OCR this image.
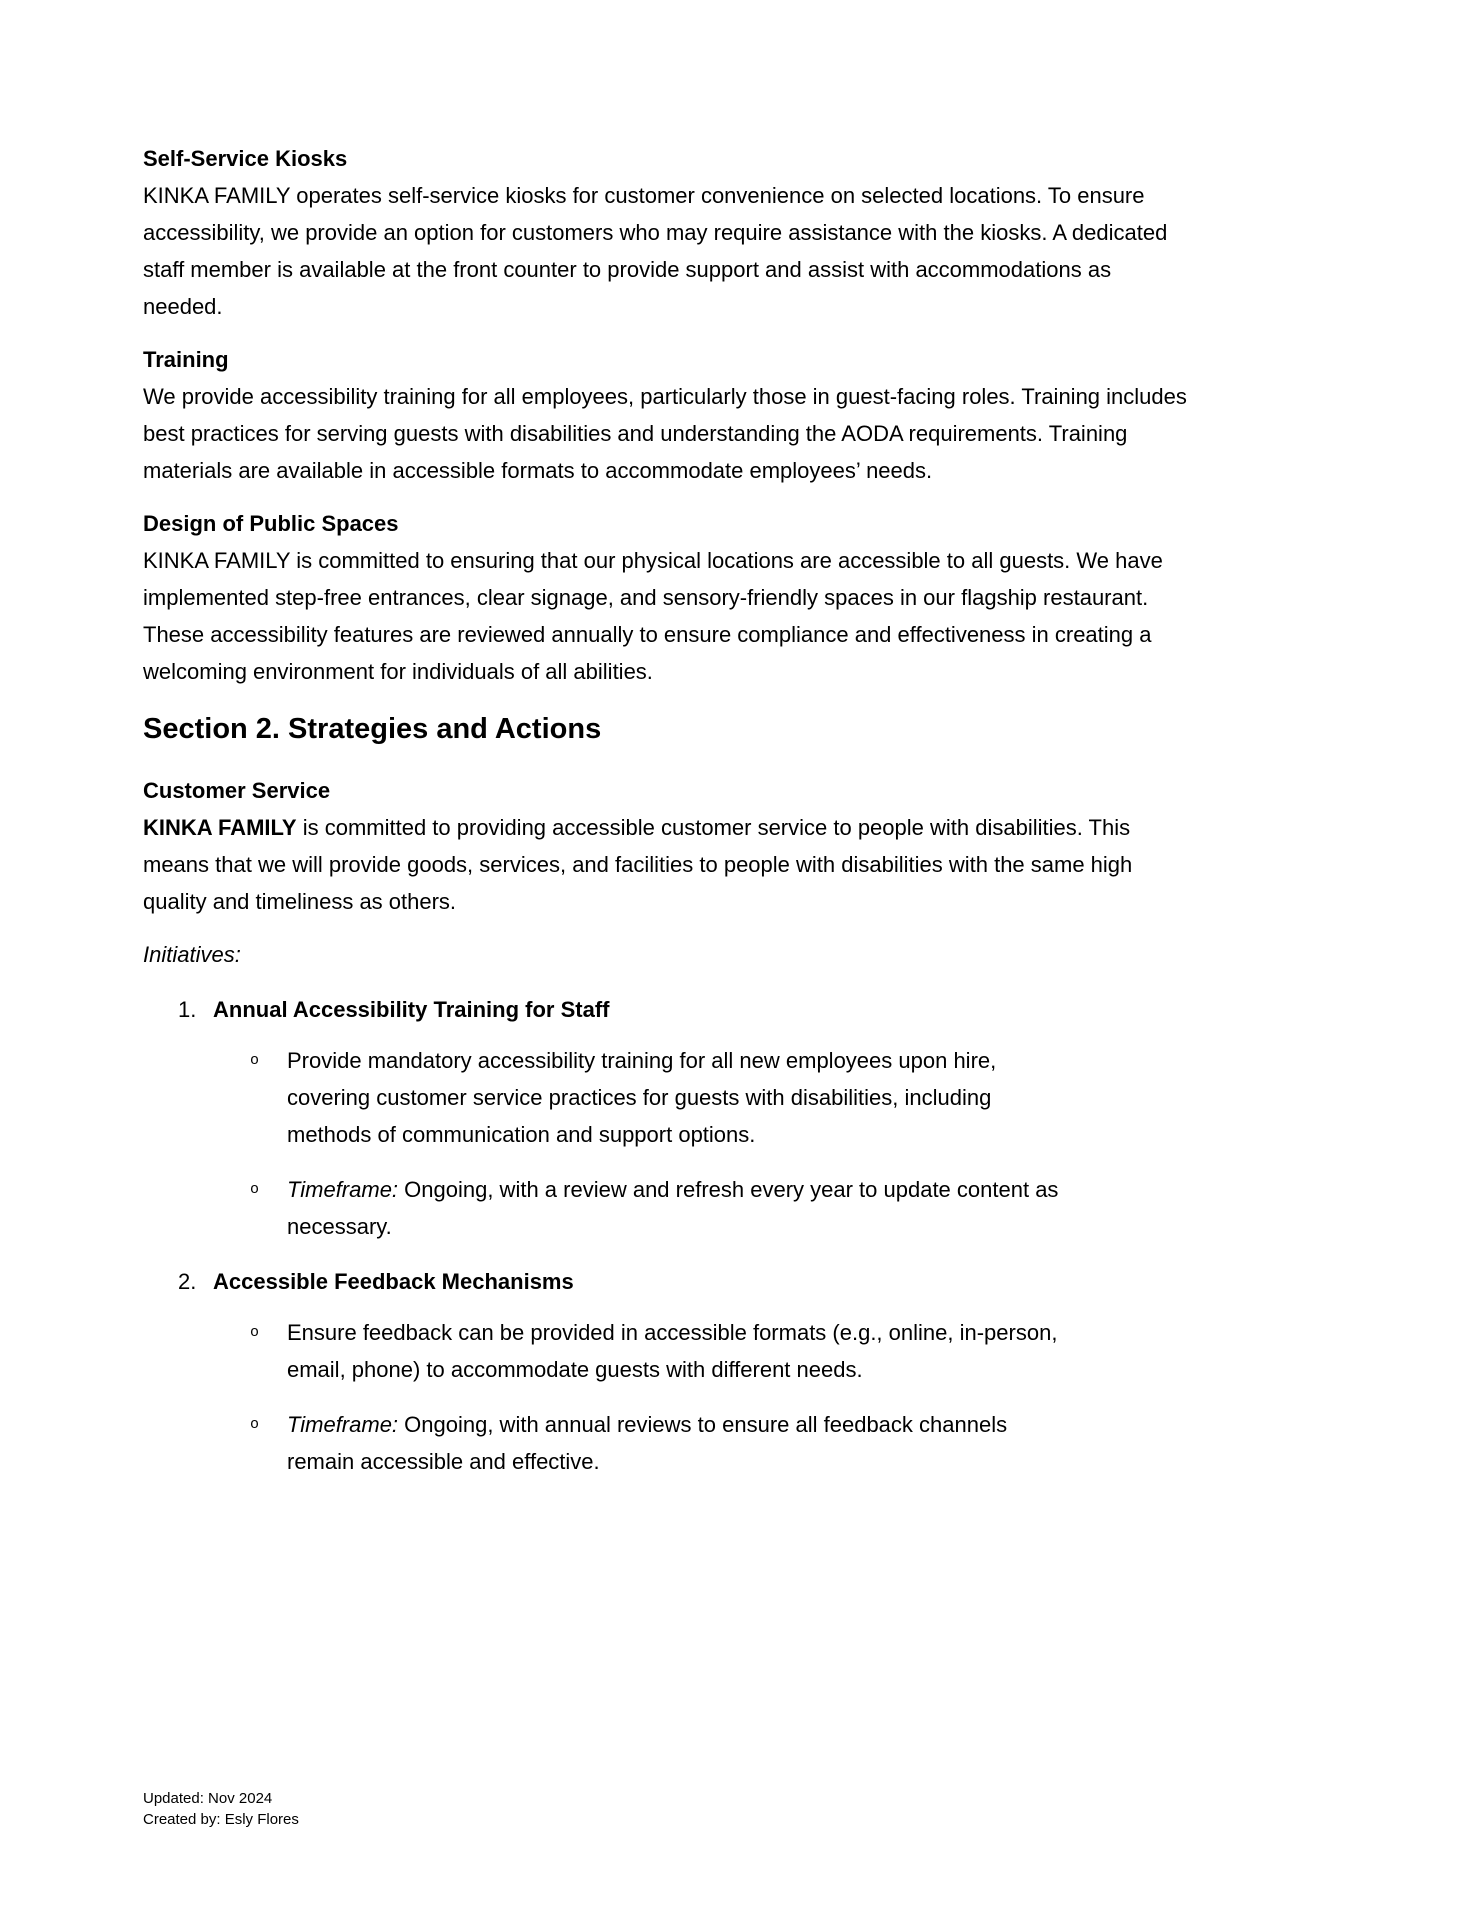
Self-Service Kiosks

KINKA FAMILY operates self-service kiosks for customer convenience on selected locations. To ensure accessibility, we provide an option for customers who may require assistance with the kiosks. A dedicated staff member is available at the front counter to provide support and assist with accommodations as needed.

Training

We provide accessibility training for all employees, particularly those in guest-facing roles. Training includes best practices for serving guests with disabilities and understanding the AODA requirements. Training materials are available in accessible formats to accommodate employees’ needs.

Design of Public Spaces

KINKA FAMILY is committed to ensuring that our physical locations are accessible to all guests. We have implemented step-free entrances, clear signage, and sensory-friendly spaces in our flagship restaurant. These accessibility features are reviewed annually to ensure compliance and effectiveness in creating a welcoming environment for individuals of all abilities.

Section 2. Strategies and Actions
Customer Service

KINKA FAMILY is committed to providing accessible customer service to people with disabilities. This means that we will provide goods, services, and facilities to people with disabilities with the same high quality and timeliness as others.

Initiatives:

1. Annual Accessibility Training for Staff
o	Provide mandatory accessibility training for all new employees upon hire, covering customer service practices for guests with disabilities, including methods of communication and support options.

o	Timeframe: Ongoing, with a review and refresh every year to update content as necessary.

2. Accessible Feedback Mechanisms
o	Ensure feedback can be provided in accessible formats (e.g., online, in-person, email, phone) to accommodate guests with different needs.

o	Timeframe: Ongoing, with annual reviews to ensure all feedback channels remain accessible and effective.

Updated: Nov 2024
Created by: Esly Flores
